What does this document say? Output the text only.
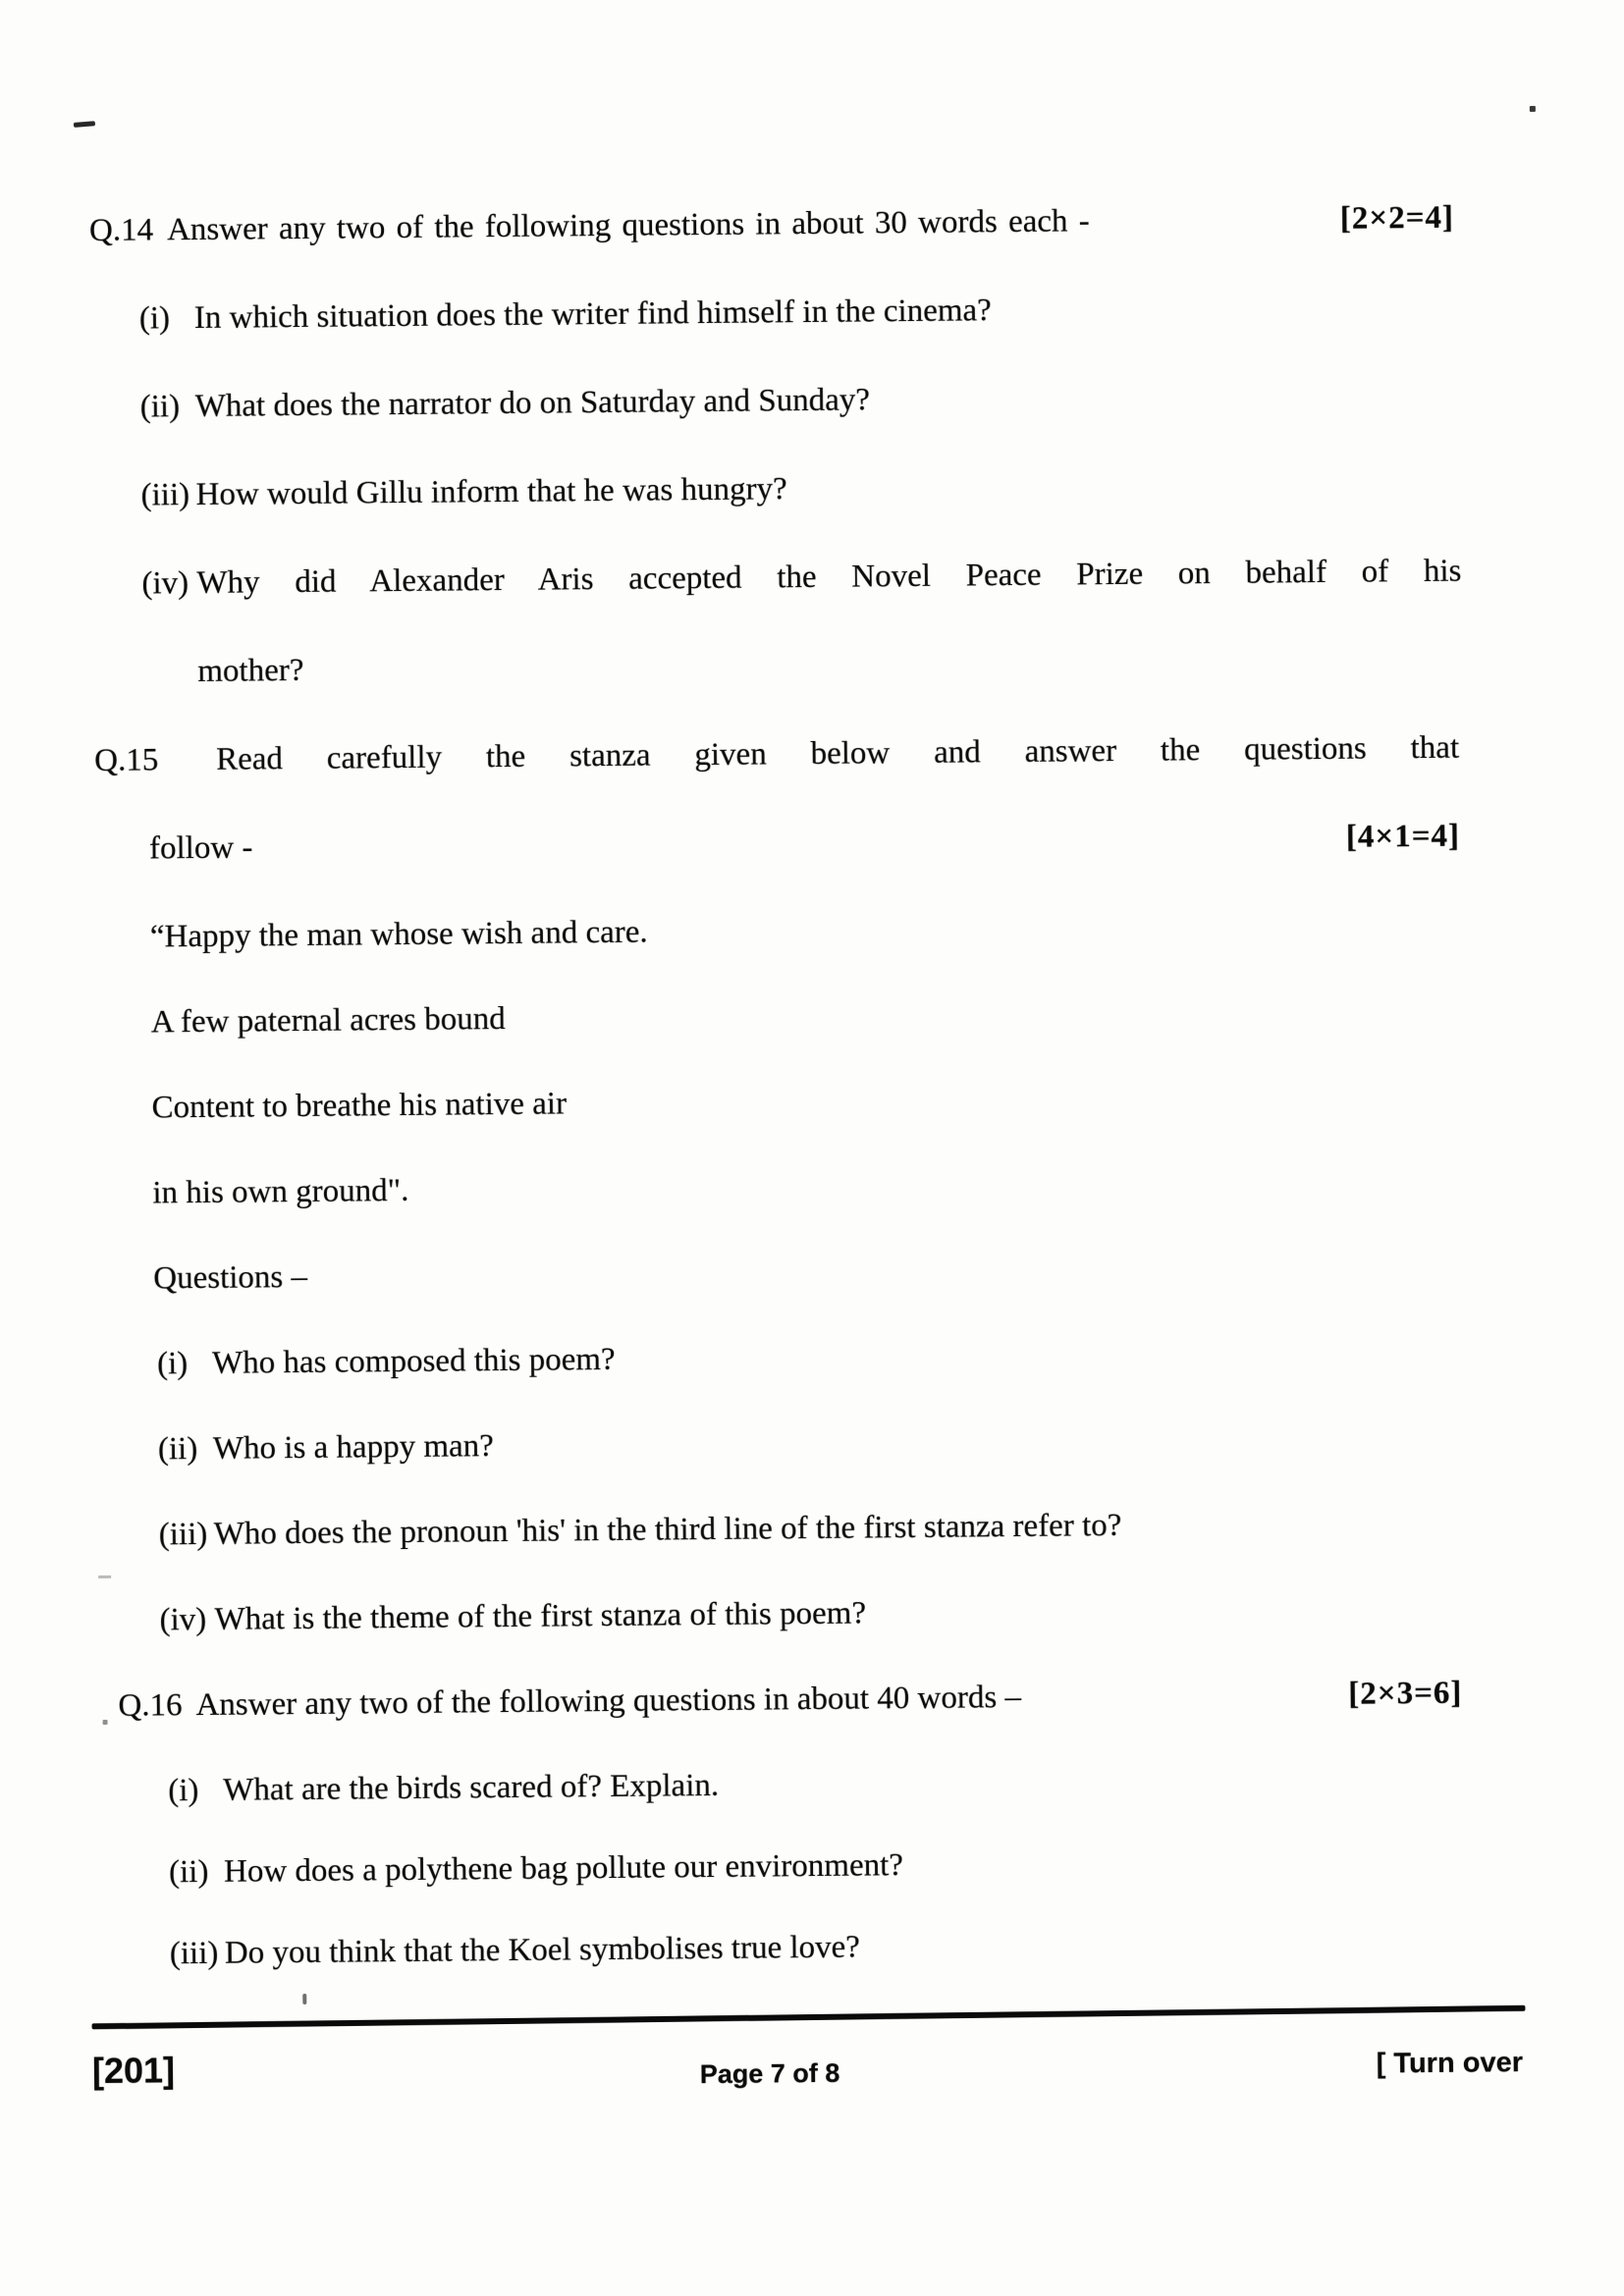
Q.14 Answer any two of the following questions in about 30 words each -	[2×2=4]
(i) In which situation does the writer find himself in the cinema?
(ii) What does the narrator do on Saturday and Sunday?
(iii) How would Gillu inform that he was hungry?
(iv) Why did Alexander Aris accepted the Novel Peace Prize on behalf of his
mother?
Q.15 Read carefully the stanza given below and answer the questions that
follow -	[4×1=4]
“Happy the man whose wish and care.
A few paternal acres bound
Content to breathe his native air
in his own ground".
Questions –
(i) Who has composed this poem?
(ii) Who is a happy man?
(iii) Who does the pronoun 'his' in the third line of the first stanza refer to?
(iv) What is the theme of the first stanza of this poem?
Q.16 Answer any two of the following questions in about 40 words –	[2×3=6]
(i) What are the birds scared of? Explain.
(ii) How does a polythene bag pollute our environment?
(iii) Do you think that the Koel symbolises true love?
[201]	Page 7 of 8	[ Turn over
